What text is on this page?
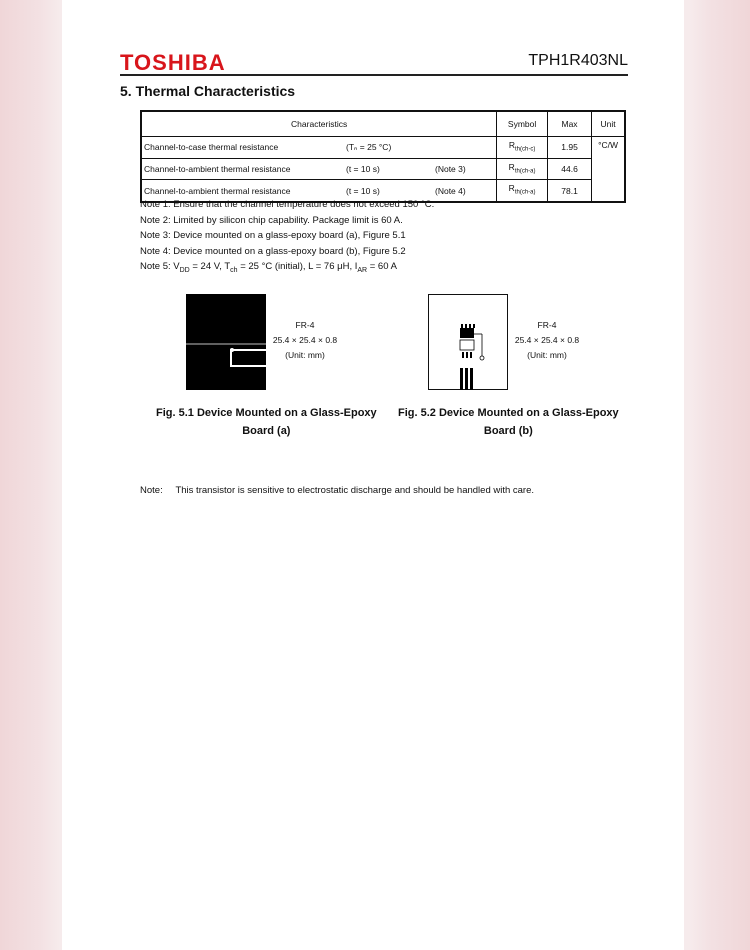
TOSHIBA	TPH1R403NL
5. Thermal Characteristics
Characteristics	Symbol	Max	Unit
Channel-to-case thermal resistance (Tₙ = 25 °C)	$R_{th(ch-c)}$	1.95	°C/W
Channel-to-ambient thermal resistance (t = 10 s) (Note 3)	$R_{th(ch-a)}$	44.6	
Channel-to-ambient thermal resistance (t = 10 s) (Note 4)	$R_{th(ch-a)}$	78.1	
Note 1: Ensure that the channel temperature does not exceed 150 °C.
Note 2: Limited by silicon chip capability. Package limit is 60 A.
Note 3: Device mounted on a glass-epoxy board (a), Figure 5.1
Note 4: Device mounted on a glass-epoxy board (b), Figure 5.2
Note 5: $V_{DD} = 24$ V, $T_{ch} = 25$ °C (initial), L = 76 μH, $I_{AR} = 60$ A
FR-4
25.4 × 25.4 × 0.8
(Unit: mm)
FR-4
25.4 × 25.4 × 0.8
(Unit: mm)
Fig. 5.1 Device Mounted on a Glass-Epoxy
Board (a)
Fig. 5.2 Device Mounted on a Glass-Epoxy
Board (b)
Note: This transistor is sensitive to electrostatic discharge and should be handled with care.
